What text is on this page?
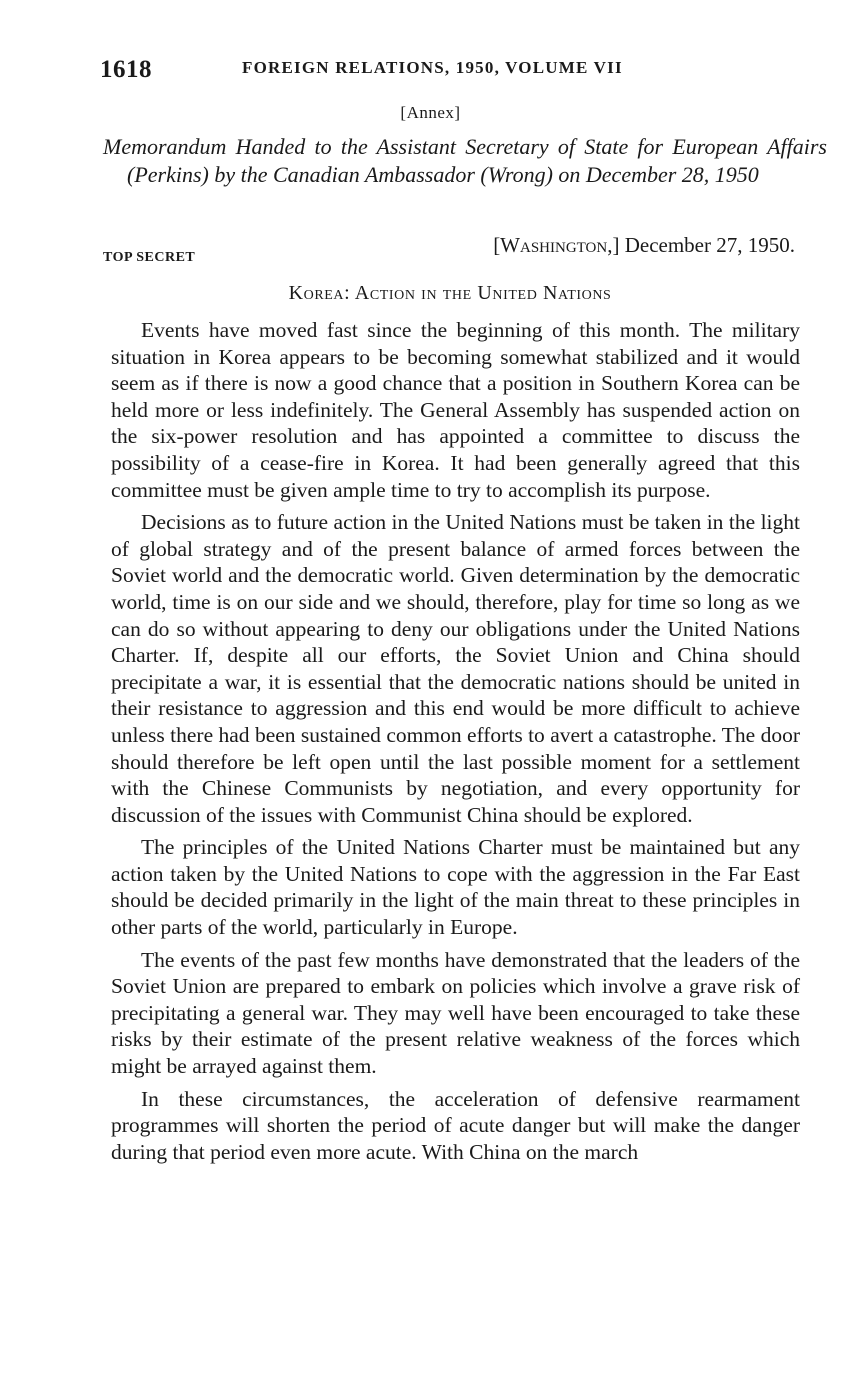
1618	FOREIGN RELATIONS, 1950, VOLUME VII
[Annex]
Memorandum Handed to the Assistant Secretary of State for European Affairs (Perkins) by the Canadian Ambassador (Wrong) on December 28, 1950
TOP SECRET
[Washington,] December 27, 1950.
Korea: Action in the United Nations

Events have moved fast since the beginning of this month. The military situation in Korea appears to be becoming somewhat stabilized and it would seem as if there is now a good chance that a position in Southern Korea can be held more or less indefinitely. The General Assembly has suspended action on the six-power resolution and has appointed a committee to discuss the possibility of a cease-fire in Korea. It had been generally agreed that this committee must be given ample time to try to accomplish its purpose.

Decisions as to future action in the United Nations must be taken in the light of global strategy and of the present balance of armed forces between the Soviet world and the democratic world. Given determination by the democratic world, time is on our side and we should, therefore, play for time so long as we can do so without appearing to deny our obligations under the United Nations Charter. If, despite all our efforts, the Soviet Union and China should precipitate a war, it is essential that the democratic nations should be united in their resistance to aggression and this end would be more difficult to achieve unless there had been sustained common efforts to avert a catastrophe. The door should therefore be left open until the last possible moment for a settlement with the Chinese Communists by negotiation, and every opportunity for discussion of the issues with Communist China should be explored.

The principles of the United Nations Charter must be maintained but any action taken by the United Nations to cope with the aggression in the Far East should be decided primarily in the light of the main threat to these principles in other parts of the world, particularly in Europe.

The events of the past few months have demonstrated that the leaders of the Soviet Union are prepared to embark on policies which involve a grave risk of precipitating a general war. They may well have been encouraged to take these risks by their estimate of the present relative weakness of the forces which might be arrayed against them.

In these circumstances, the acceleration of defensive rearmament programmes will shorten the period of acute danger but will make the danger during that period even more acute. With China on the march
